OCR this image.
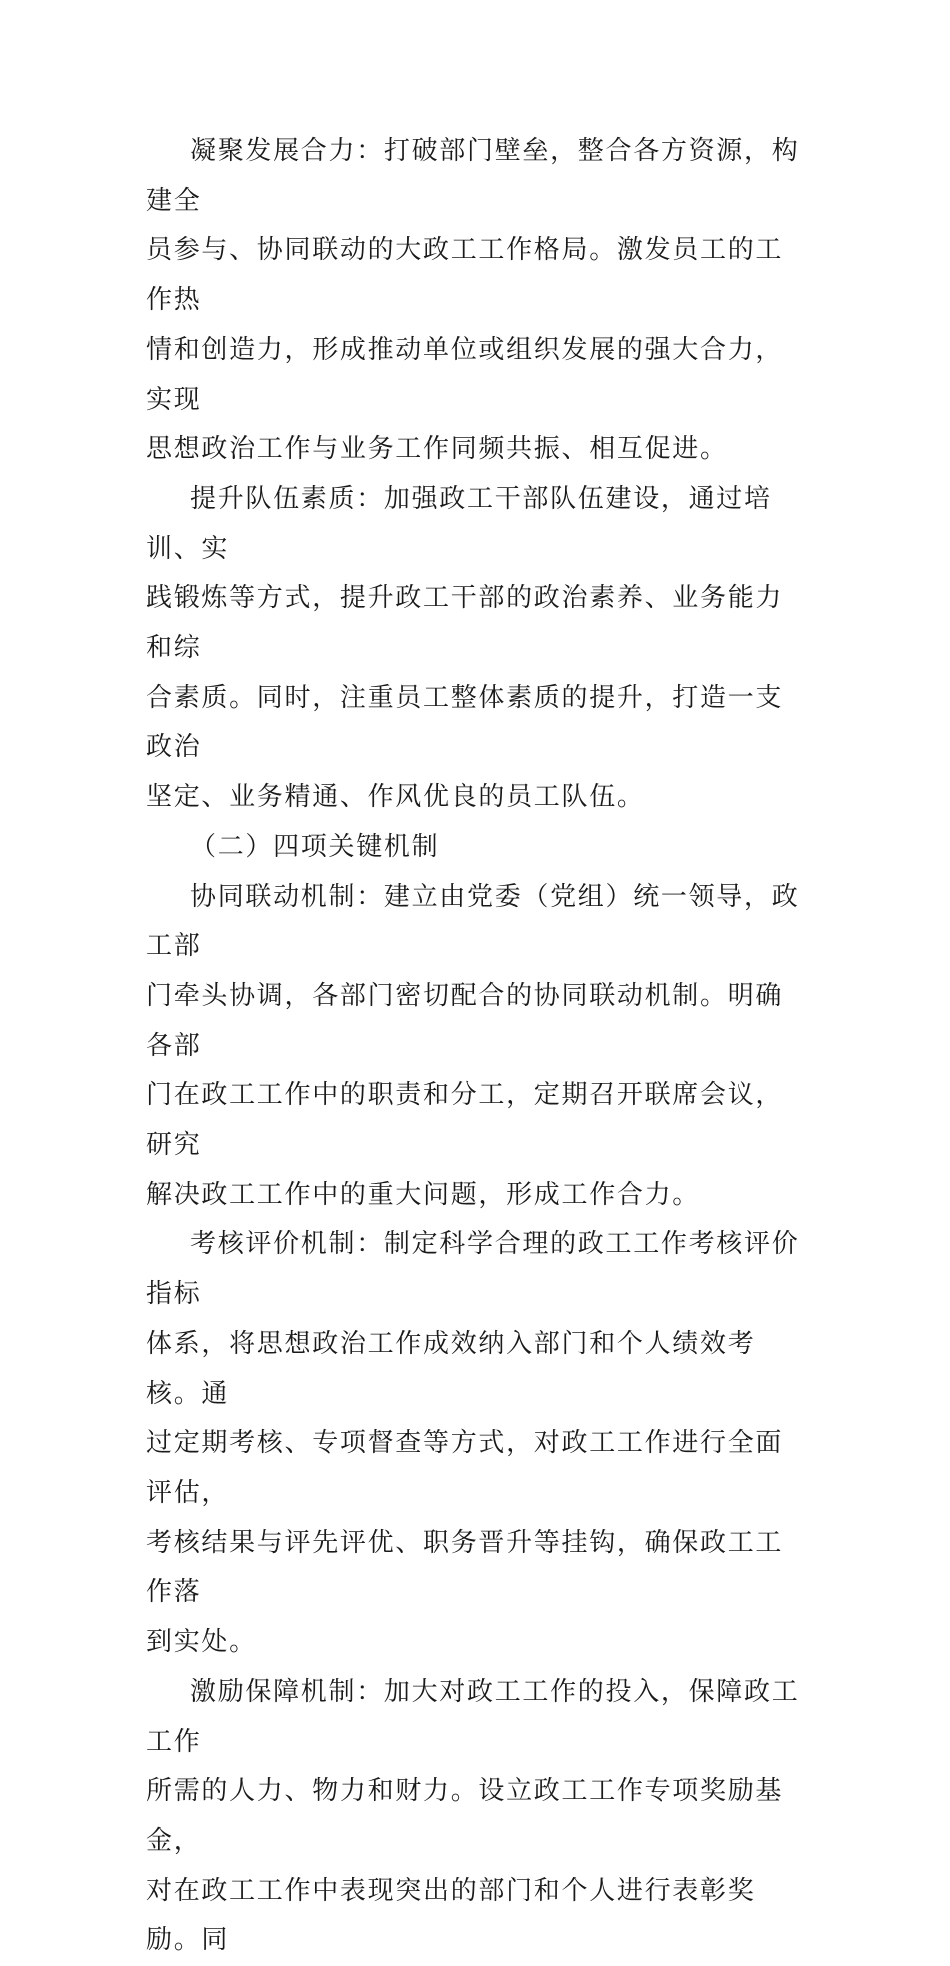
凝聚发展合力：打破部门壁垒，整合各方资源，构建全
员参与、协同联动的大政工工作格局。激发员工的工作热
情和创造力，形成推动单位或组织发展的强大合力，实现
思想政治工作与业务工作同频共振、相互促进。

提升队伍素质：加强政工干部队伍建设，通过培训、实
践锻炼等方式，提升政工干部的政治素养、业务能力和综
合素质。同时，注重员工整体素质的提升，打造一支政治
坚定、业务精通、作风优良的员工队伍。

（二）四项关键机制

协同联动机制：建立由党委（党组）统一领导，政工部
门牵头协调，各部门密切配合的协同联动机制。明确各部
门在政工工作中的职责和分工，定期召开联席会议，研究
解决政工工作中的重大问题，形成工作合力。

考核评价机制：制定科学合理的政工工作考核评价指标
体系，将思想政治工作成效纳入部门和个人绩效考核。通
过定期考核、专项督查等方式，对政工工作进行全面评估，
考核结果与评先评优、职务晋升等挂钩，确保政工工作落
到实处。

激励保障机制：加大对政工工作的投入，保障政工工作
所需的人力、物力和财力。设立政工工作专项奖励基金，
对在政工工作中表现突出的部门和个人进行表彰奖励。同
